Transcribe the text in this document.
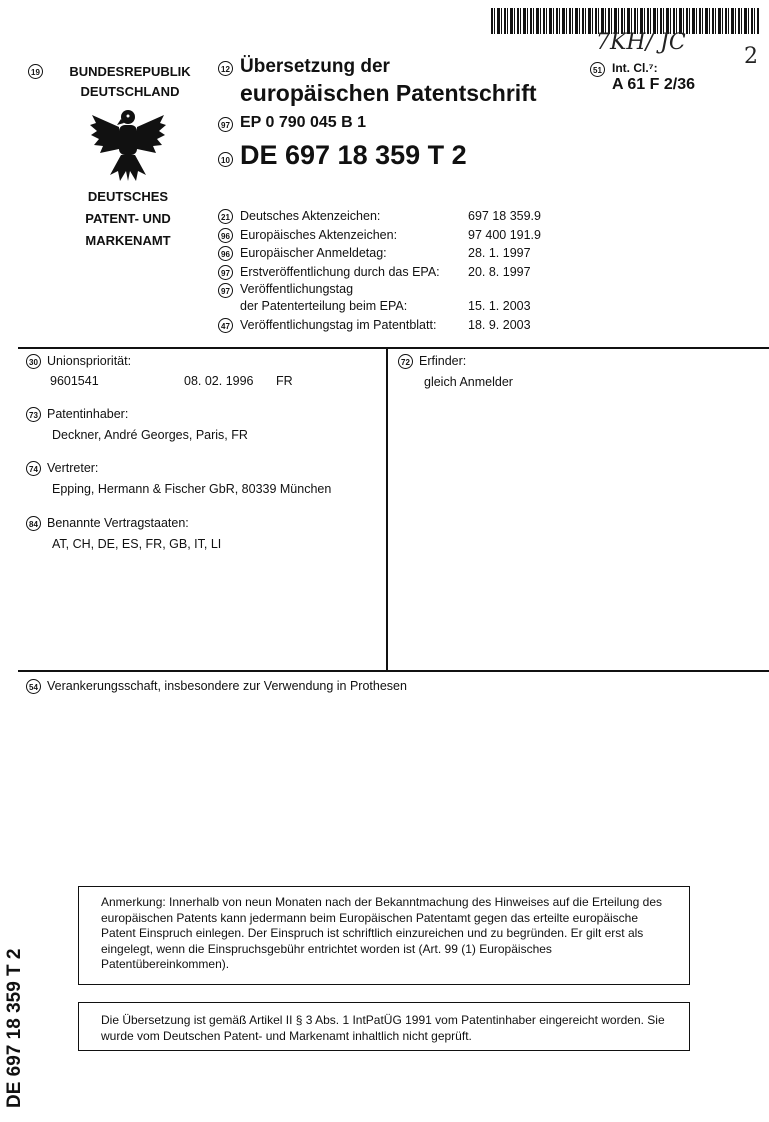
7KH/ JC
2
19 BUNDESREPUBLIK
DEUTSCHLAND
DEUTSCHES
PATENT- UND
MARKENAMT
12 Übersetzung der
europäischen Patentschrift
97 EP 0 790 045 B 1
10 DE 697 18 359 T 2
51 Int. Cl.⁷:
A 61 F 2/36
21 Deutsches Aktenzeichen:	697 18 359.9
96 Europäisches Aktenzeichen:	97 400 191.9
96 Europäischer Anmeldetag:	28. 1. 1997
97 Erstveröffentlichung durch das EPA: 20. 8. 1997
97 Veröffentlichungstag
der Patenterteilung beim EPA:	15. 1. 2003
47 Veröffentlichungstag im Patentblatt:	18. 9. 2003
30 Unionspriorität:
9601541	08. 02. 1996 FR
73 Patentinhaber:
Deckner, André Georges, Paris, FR
74 Vertreter:
Epping, Hermann & Fischer GbR, 80339 München
84 Benannte Vertragstaaten:
AT, CH, DE, ES, FR, GB, IT, LI
72 Erfinder:
gleich Anmelder
54 Verankerungsschaft, insbesondere zur Verwendung in Prothesen
Anmerkung: Innerhalb von neun Monaten nach der Bekanntmachung des Hinweises auf die Erteilung des europäischen Patents kann jedermann beim Europäischen Patentamt gegen das erteilte europäische Patent Einspruch einlegen. Der Einspruch ist schriftlich einzureichen und zu begründen. Er gilt erst als eingelegt, wenn die Einspruchsgebühr entrichtet worden ist (Art. 99 (1) Europäisches Patentübereinkommen).
Die Übersetzung ist gemäß Artikel II § 3 Abs. 1 IntPatÜG 1991 vom Patentinhaber eingereicht worden. Sie wurde vom Deutschen Patent- und Markenamt inhaltlich nicht geprüft.
DE 697 18 359 T 2
